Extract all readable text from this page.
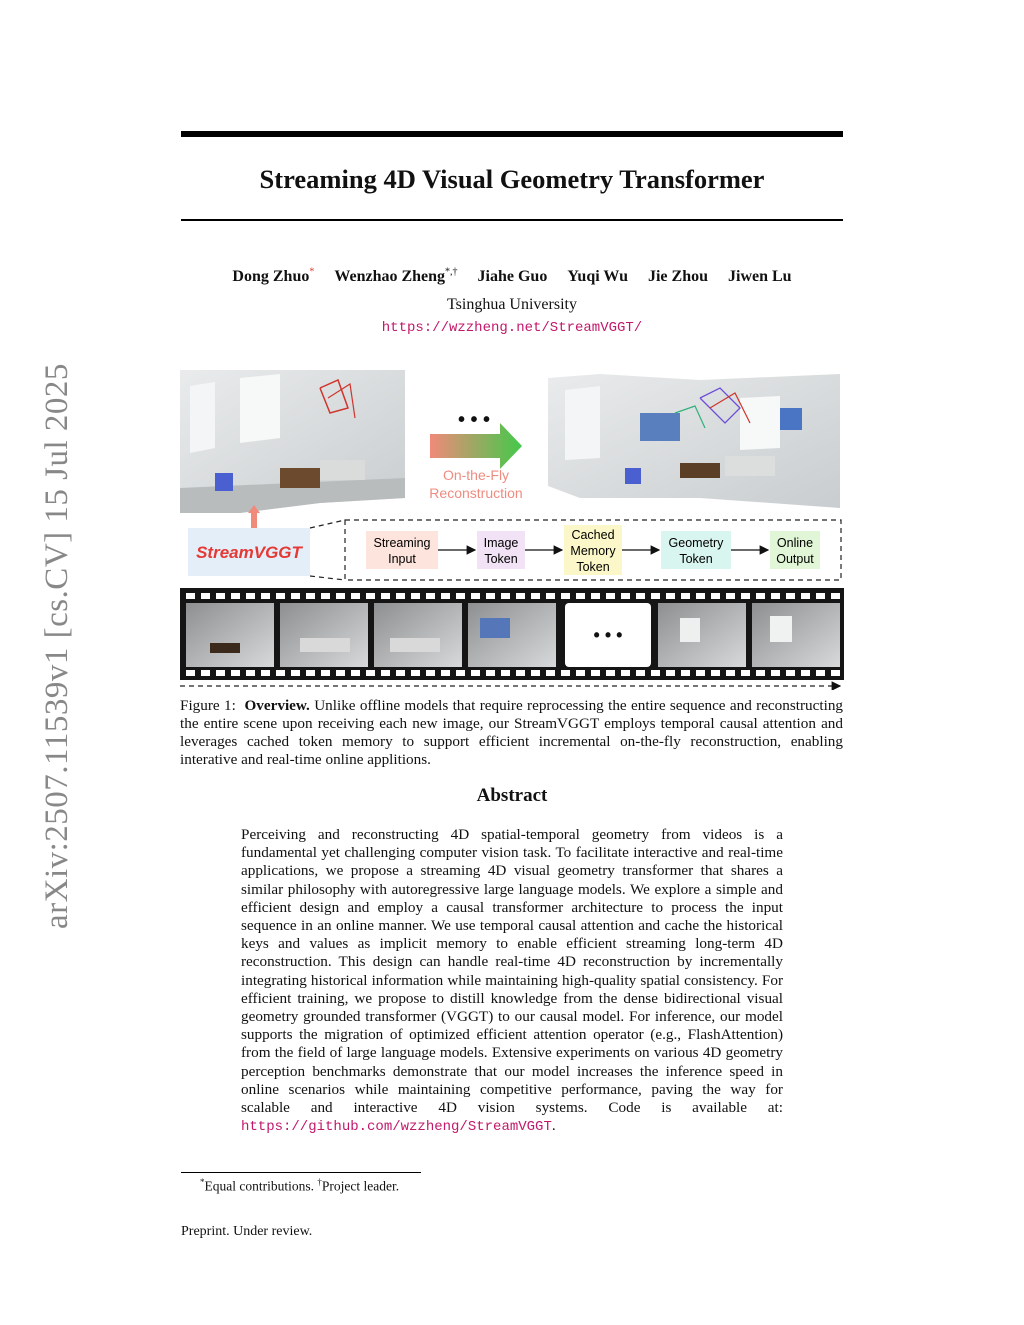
arXiv:2507.11539v1 [cs.CV] 15 Jul 2025
Streaming 4D Visual Geometry Transformer
Dong Zhuo* Wenzhao Zheng*,† Jiahe Guo Yuqi Wu Jie Zhou Jiwen Lu
Tsinghua University
https://wzzheng.net/StreamVGGT/
• • •
On-the-Fly
Reconstruction
StreamVGGT	Streaming
Input
Image
Token
Cached
Memory
Token
Geometry
Token
Online
Output
• • •
Figure 1: Overview. Unlike offline models that require reprocessing the entire sequence and reconstructing the entire scene upon receiving each new image, our StreamVGGT employs temporal causal attention and leverages cached token memory to support efficient incremental on-the-fly reconstruction, enabling interative and real-time online applitions.
Abstract
Perceiving and reconstructing 4D spatial-temporal geometry from videos is a fundamental yet challenging computer vision task. To facilitate interactive and real-time applications, we propose a streaming 4D visual geometry transformer that shares a similar philosophy with autoregressive large language models. We explore a simple and efficient design and employ a causal transformer architecture to process the input sequence in an online manner. We use temporal causal attention and cache the historical keys and values as implicit memory to enable efficient streaming long-term 4D reconstruction. This design can handle real-time 4D reconstruction by incrementally integrating historical information while maintaining high-quality spatial consistency. For efficient training, we propose to distill knowledge from the dense bidirectional visual geometry grounded transformer (VGGT) to our causal model. For inference, our model supports the migration of optimized efficient attention operator (e.g., FlashAttention) from the field of large language models. Extensive experiments on various 4D geometry perception benchmarks demonstrate that our model increases the inference speed in online scenarios while maintaining competitive performance, paving the way for scalable and interactive 4D vision systems. Code is available at: https://github.com/wzzheng/StreamVGGT.
*Equal contributions. †Project leader.
Preprint. Under review.
